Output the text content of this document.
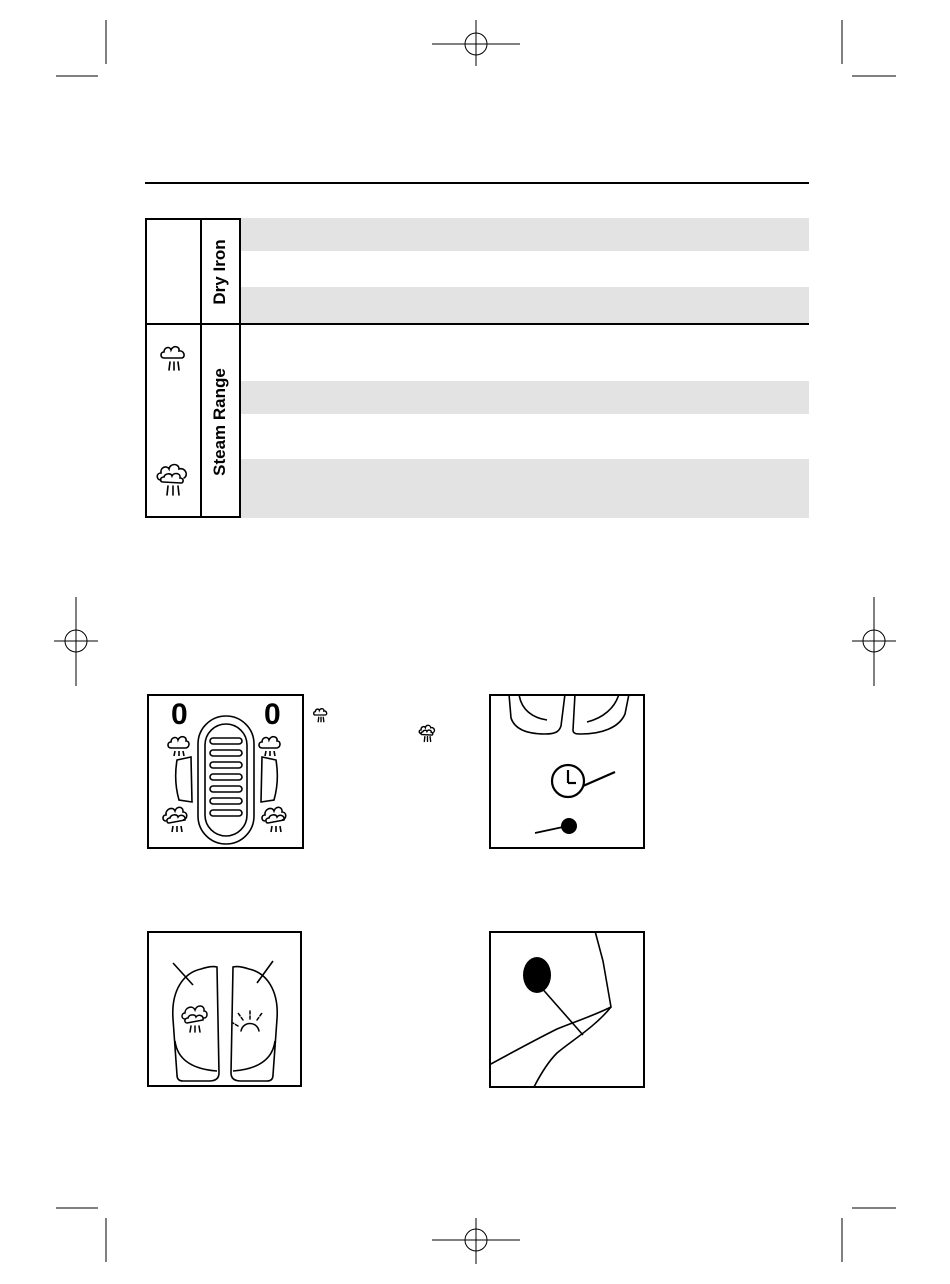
Dry Iron
Steam Range
0	0
